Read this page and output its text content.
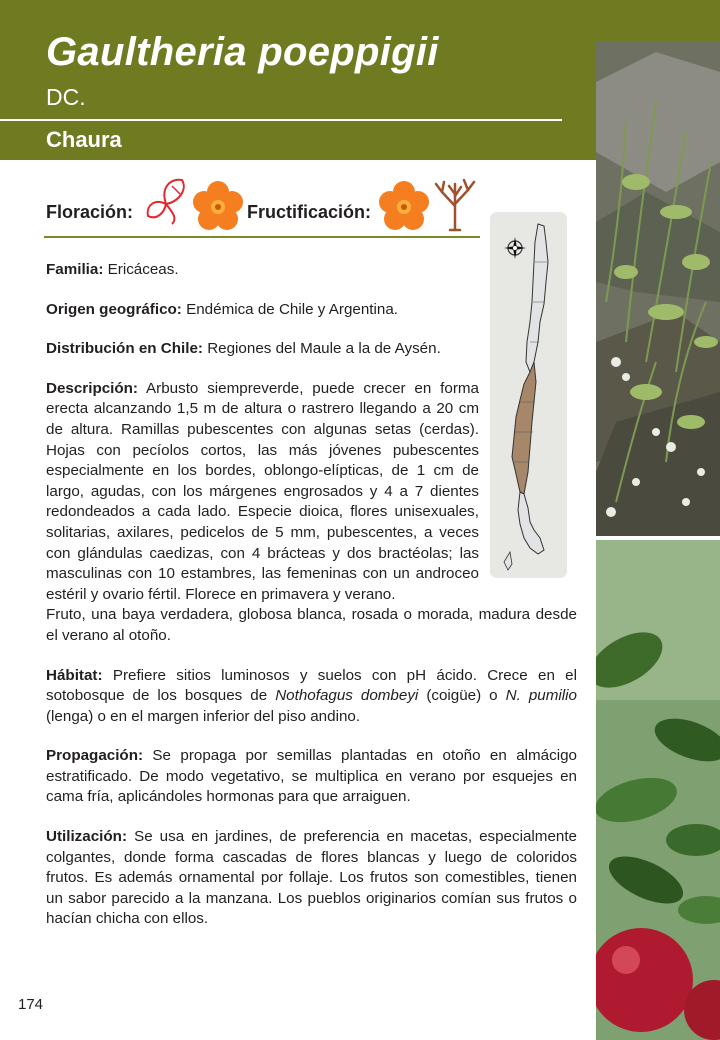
Gaultheria poeppigii
DC.
Chaura
Floración:	Fructificación:

Familia: Ericáceas.

Origen geográfico: Endémica de Chile y Argentina.

Distribución en Chile: Regiones del Maule a la de Aysén.

Descripción: Arbusto siempreverde, puede crecer en forma erecta alcanzando 1,5 m de altura o rastrero llegando a 20 cm de altura. Ramillas pubescentes con algunas setas (cerdas). Hojas con pecíolos cortos, las más jóvenes pubescentes especialmente en los bordes, oblongo-elípticas, de 1 cm de largo, agudas, con los márgenes engrosados y 4 a 7 dientes redondeados a cada lado. Especie dioica, flores unisexuales, solitarias, axilares, pedicelos de 5 mm, pubescentes, a veces con glándulas caedizas, con 4 brácteas y dos bractéolas; las masculinas con 10 estambres, las femeninas con un androceo estéril y ovario fértil. Florece en primavera y verano.

Fruto, una baya verdadera, globosa blanca, rosada o morada, madura desde el verano al otoño.

Hábitat: Prefiere sitios luminosos y suelos con pH ácido. Crece en el sotobosque de los bosques de Nothofagus dombeyi (coigüe) o N. pumilio (lenga) o en el margen inferior del piso andino.

Propagación: Se propaga por semillas plantadas en otoño en almácigo estratificado. De modo vegetativo, se multiplica en verano por esquejes en cama fría, aplicándoles hormonas para que arraiguen.

Utilización: Se usa en jardines, de preferencia en macetas, especialmente colgantes, donde forma cascadas de flores blancas y luego de coloridos frutos. Es además ornamental por follaje. Los frutos son comestibles, tienen un sabor parecido a la manzana. Los pueblos originarios comían sus frutos o hacían chicha con ellos.

174
